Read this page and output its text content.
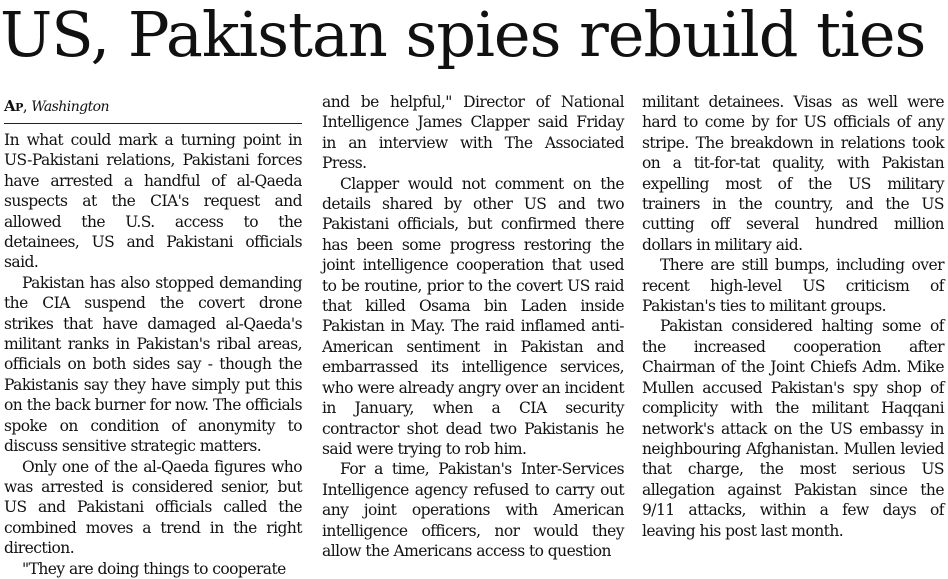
US, Pakistan spies rebuild ties
Ap, Washington

In what could mark a turning point in US-Pakistani relations, Pakistani forces have arrested a handful of al-Qaeda suspects at the CIA's request and allowed the U.S. access to the detainees, US and Pakistani officials said.

Pakistan has also stopped demanding the CIA suspend the covert drone strikes that have damaged al-Qaeda's militant ranks in Pakistan's ribal areas, officials on both sides say - though the Pakistanis say they have simply put this on the back burner for now. The officials spoke on condition of anonymity to discuss sensitive strategic matters.

Only one of the al-Qaeda figures who was arrested is considered senior, but US and Pakistani officials called the combined moves a trend in the right direction.

"They are doing things to cooperate

and be helpful," Director of National Intelligence James Clapper said Friday in an interview with The Associated Press.

Clapper would not comment on the details shared by other US and two Pakistani officials, but confirmed there has been some progress restoring the joint intelligence cooperation that used to be routine, prior to the covert US raid that killed Osama bin Laden inside Pakistan in May. The raid inflamed anti-American sentiment in Pakistan and embarrassed its intelligence services, who were already angry over an incident in January, when a CIA security contractor shot dead two Pakistanis he said were trying to rob him.

For a time, Pakistan's Inter-Services Intelligence agency refused to carry out any joint operations with American intelligence officers, nor would they allow the Americans access to question

militant detainees. Visas as well were hard to come by for US officials of any stripe. The breakdown in relations took on a tit-for-tat quality, with Pakistan expelling most of the US military trainers in the country, and the US cutting off several hundred million dollars in military aid.

There are still bumps, including over recent high-level US criticism of Pakistan's ties to militant groups.

Pakistan considered halting some of the increased cooperation after Chairman of the Joint Chiefs Adm. Mike Mullen accused Pakistan's spy shop of complicity with the militant Haqqani network's attack on the US embassy in neighbouring Afghanistan. Mullen levied that charge, the most serious US allegation against Pakistan since the 9/11 attacks, within a few days of leaving his post last month.
